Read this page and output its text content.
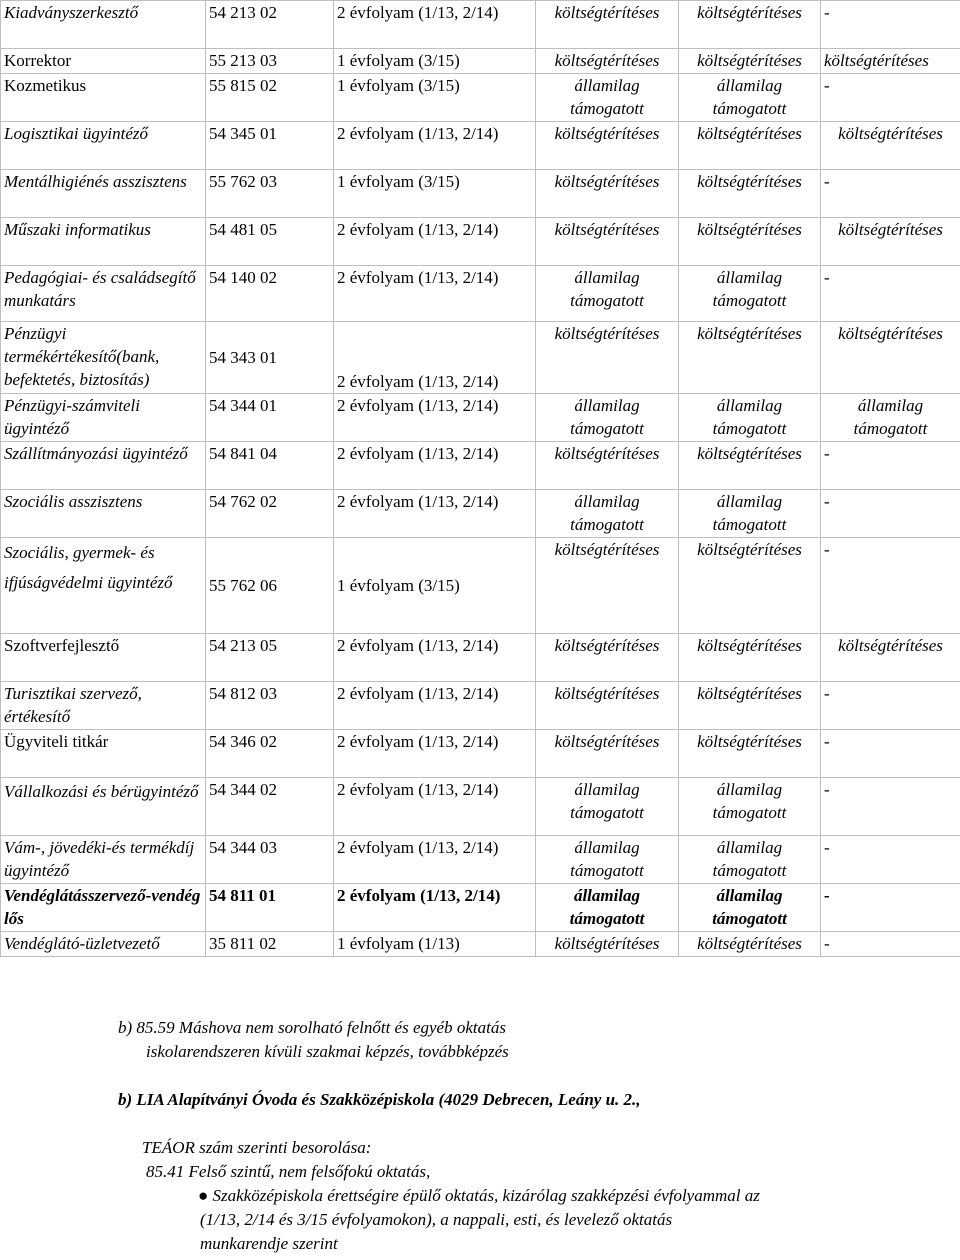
Kiadványszerkesztő	54 213 02	2 évfolyam (1/13, 2/14)	költségtérítéses	költségtérítéses	-
Korrektor	55 213 03	1 évfolyam (3/15)	költségtérítéses	költségtérítéses	költségtérítéses
Kozmetikus	55 815 02	1 évfolyam (3/15)	államilag támogatott	államilag támogatott	-
Logisztikai ügyintéző	54 345 01	2 évfolyam (1/13, 2/14)	költségtérítéses	költségtérítéses	költségtérítéses
Mentálhigiénés asszisztens	55 762 03	1 évfolyam (3/15)	költségtérítéses	költségtérítéses	-
Műszaki informatikus	54 481 05	2 évfolyam (1/13, 2/14)	költségtérítéses	költségtérítéses	költségtérítéses
Pedagógiai- és családsegítő munkatárs	54 140 02	2 évfolyam (1/13, 2/14)	államilag támogatott	államilag támogatott	-
Pénzügyi termékértékesítő(bank, befektetés, biztosítás)	54 343 01	2 évfolyam (1/13, 2/14)	költségtérítéses	költségtérítéses	költségtérítéses
Pénzügyi-számviteli ügyintéző	54 344 01	2 évfolyam (1/13, 2/14)	államilag támogatott	államilag támogatott	államilag támogatott
Szállítmányozási ügyintéző	54 841 04	2 évfolyam (1/13, 2/14)	költségtérítéses	költségtérítéses	-
Szociális asszisztens	54 762 02	2 évfolyam (1/13, 2/14)	államilag támogatott	államilag támogatott	-
Szociális, gyermek- és ifjúságvédelmi ügyintéző	55 762 06	1 évfolyam (3/15)	költségtérítéses	költségtérítéses	-
Szoftverfejlesztő	54 213 05	2 évfolyam (1/13, 2/14)	költségtérítéses	költségtérítéses	költségtérítéses
Turisztikai szervező, értékesítő	54 812 03	2 évfolyam (1/13, 2/14)	költségtérítéses	költségtérítéses	-
Ügyviteli titkár	54 346 02	2 évfolyam (1/13, 2/14)	költségtérítéses	költségtérítéses	-
Vállalkozási és bérügyintéző	54 344 02	2 évfolyam (1/13, 2/14)	államilag támogatott	államilag támogatott	-
Vám-, jövedéki-és termékdíj ügyintéző	54 344 03	2 évfolyam (1/13, 2/14)	államilag támogatott	államilag támogatott	-
Vendéglátásszervező-vendéglős	54 811 01	2 évfolyam (1/13, 2/14)	államilag támogatott	államilag támogatott	-
Vendéglátó-üzletvezető	35 811 02	1 évfolyam (1/13)	költségtérítéses	költségtérítéses	-
b) 85.59 Máshova nem sorolható felnőtt és egyéb oktatás
iskolarendszeren kívüli szakmai képzés, továbbképzés
b) LIA Alapítványi Óvoda és Szakközépiskola (4029 Debrecen, Leány u. 2.,
TEÁOR szám szerinti besorolása:
85.41 Felső szintű, nem felsőfokú oktatás,
● Szakközépiskola érettségire épülő oktatás, kizárólag szakképzési évfolyammal az
(1/13, 2/14 és 3/15 évfolyamokon), a nappali, esti, és levelező oktatás
munkarendje szerint
